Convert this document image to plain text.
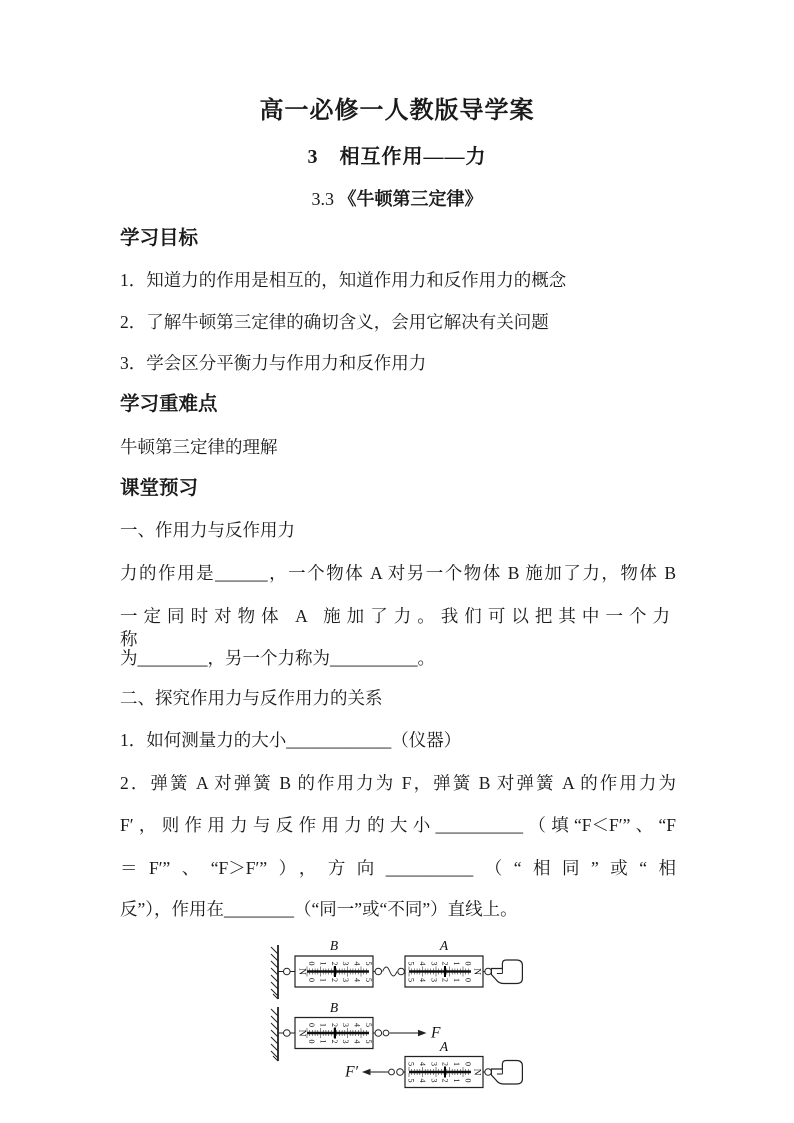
高一必修一人教版导学案
3　相互作用——力
3.3 《牛顿第三定律》
学习目标
1．知道力的作用是相互的，知道作用力和反作用力的概念
2．了解牛顿第三定律的确切含义，会用它解决有关问题
3．学会区分平衡力与作用力和反作用力
学习重难点
牛顿第三定律的理解
课堂预习
一、作用力与反作用力
力的作用是______，一个物体 A 对另一个物体 B 施加了力，物体 B
一定同时对物体 A 施加了力。我们可以把其中一个力称
为________，另一个力称为__________。
二、探究作用力与反作用力的关系
1．如何测量力的大小____________（仪器）
2．弹簧 A 对弹簧 B 的作用力为 F，弹簧 B 对弹簧 A 的作用力为
F′，则作用力与反作用力的大小__________（填“F＜F′”、“F
＝F′”、“F＞F′”），方向__________（“相同”或“相
反”），作用在________（“同一”或“不同”）直线上。
B
0
0
1
1
2
2
3
3
4
4
5
5
N
A
5
5
4
4
3
3
2
2
1
1
0
0
N
B
0
0
1
1
2
2
3
3
4
4
5
5
N	F
F′
A
5
5
4
4
3
3
2
2
1
1
0
0
N
